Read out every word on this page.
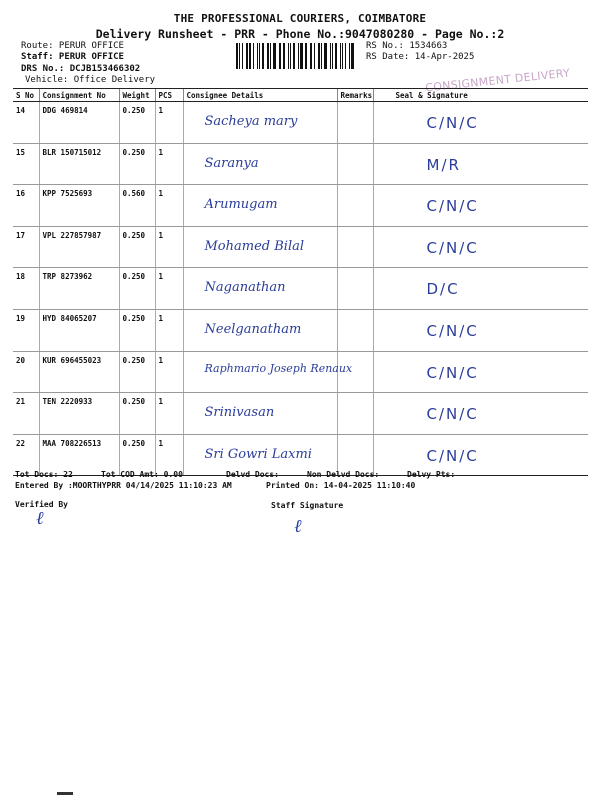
THE PROFESSIONAL COURIERS, COIMBATORE
Delivery Runsheet - PRR - Phone No.:9047080280 - Page No.:2
Route: PERUR OFFICE
Staff: PERUR OFFICE
DRS No.: DCJB153466302
Vehicle: Office Delivery
RS No.: 1534663
RS Date: 14-Apr-2025
CONSIGNMENT DELIVERY
S No	Consignment No	Weight	PCS	Consignee Details	Remarks	Seal & Signature
14	DDG 469814	0.250	1	Sacheya mary		C/N/C
15	BLR 150715012	0.250	1	Saranya		M/R
16	KPP 7525693	0.560	1	Arumugam		C/N/C
17	VPL 227857987	0.250	1	Mohamed Bilal		C/N/C
18	TRP 8273962	0.250	1	Naganathan		D/C
19	HYD 84065207	0.250	1	Neelganatham		C/N/C
20	KUR 696455023	0.250	1	Raphmario Joseph Renaux		C/N/C
21	TEN 2220933	0.250	1	Srinivasan		C/N/C
22	MAA 708226513	0.250	1	Sri Gowri Laxmi		C/N/C
Tot Docs: 22	Tot COD Amt: 0.00	Delvd Docs:	Non Delvd Docs:	Delvy Pts:
Entered By :MOORTHYPRR 04/14/2025 11:10:23 AM	Printed On: 14-04-2025 11:10:40
Verified By
ℓ
Staff Signature
ℓ
